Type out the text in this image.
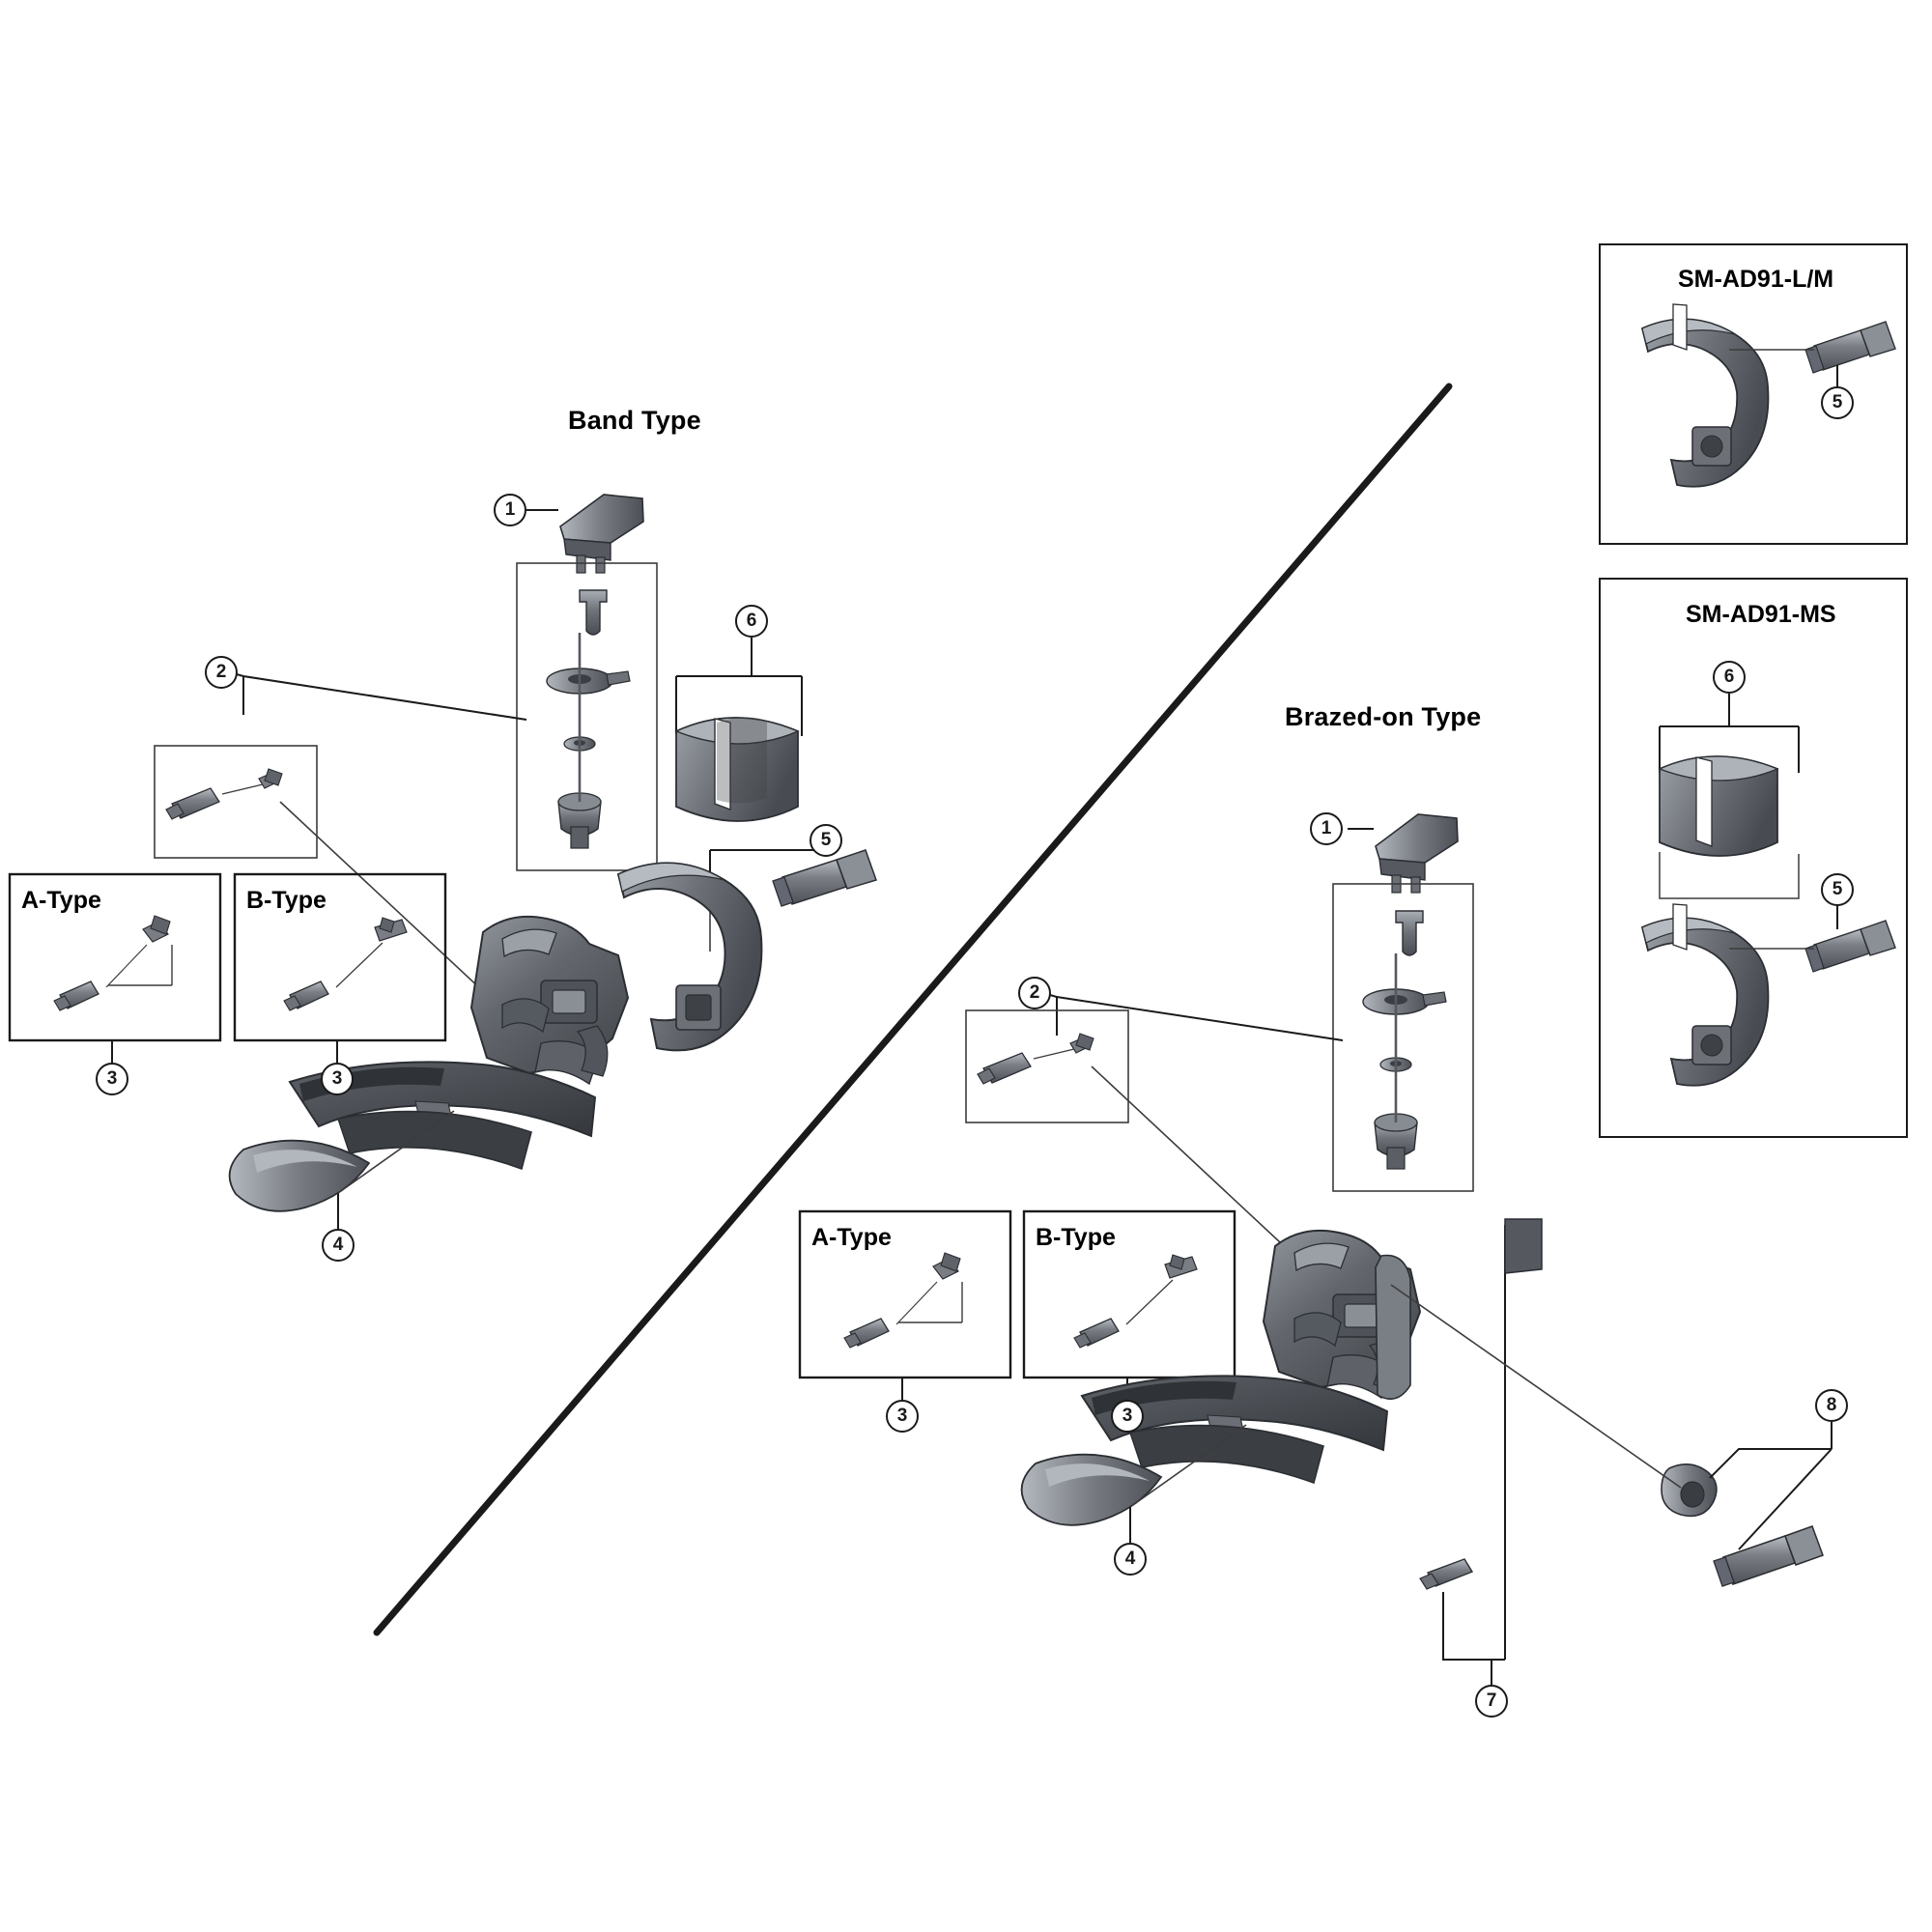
Band Type
Brazed-on Type
SM-AD91-L/M
SM-AD91-MS
A-Type	B-Type
A-Type	B-Type
1
2
3	3
4
5
6
1
2
3	3
4
7
8
5
6
5
